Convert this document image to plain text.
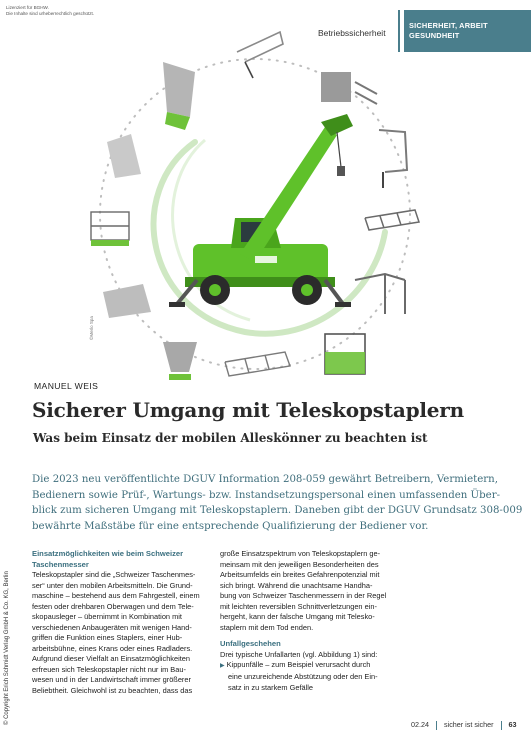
Lizenziert für BGHW.
Die Inhalte sind urheberrechtlich geschützt.
Betriebssicherheit
SICHERHEIT, ARBEIT
GESUNDHEIT
©Merlo Spa
MANUEL WEIS
Sicherer Umgang mit Teleskopstaplern
Was beim Einsatz der mobilen Alleskönner zu beachten ist
Die 2023 neu veröffentlichte DGUV Information 208-059 gewährt Betreibern, Vermietern,
Bedienern sowie Prüf-, Wartungs- bzw. Instandsetzungspersonal einen umfassenden Über-
blick zum sicheren Umgang mit Teleskopstaplern. Daneben gibt der DGUV Grundsatz 308-009
bewährte Maßstäbe für eine entsprechende Qualifizierung der Bediener vor.
© Copyright Erich Schmidt Verlag GmbH & Co. KG, Berlin
Einsatzmöglichkeiten wie beim Schweizer
Taschenmesser
Teleskopstapler sind die „Schweizer Taschenmes-
ser“ unter den mobilen Arbeitsmitteln. Die Grund-
maschine – bestehend aus dem Fahrgestell, einem
festen oder drehbaren Oberwagen und dem Tele-
skopausleger – übernimmt in Kombination mit
verschiedenen Anbaugeräten mit wenigen Hand-
griffen die Funktion eines Staplers, einer Hub-
arbeitsbühne, eines Krans oder eines Radladers.
Aufgrund dieser Vielfalt an Einsatzmöglichkeiten
erfreuen sich Teleskopstapler nicht nur im Bau-
wesen und in der Landwirtschaft immer größerer
Beliebtheit. Gleichwohl ist zu beachten, dass das
große Einsatzspektrum von Teleskopstaplern ge-
meinsam mit den jeweiligen Besonderheiten des
Arbeitsumfelds ein breites Gefahrenpotenzial mit
sich bringt. Während die unachtsame Handha-
bung von Schweizer Taschenmessern in der Regel
mit leichten reversiblen Schnittverletzungen ein-
hergeht, kann der falsche Umgang mit Telesko-
staplern mit dem Tod enden.
Unfallgeschehen
Drei typische Unfallarten (vgl. Abbildung 1) sind:
▶ Kippunfälle – zum Beispiel verursacht durch
eine unzureichende Abstützung oder den Ein-
satz in zu starkem Gefälle
02.24 sicher ist sicher 63
